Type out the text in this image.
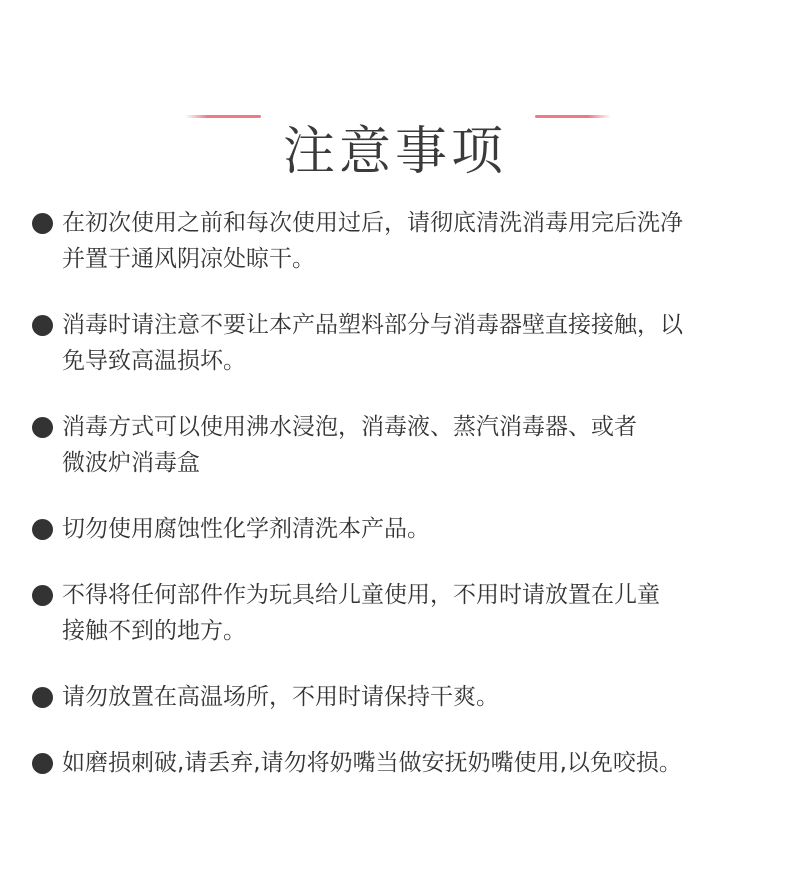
注意事项
在初次使用之前和每次使用过后，请彻底清洗消毒用完后洗净
并置于通风阴凉处晾干。
消毒时请注意不要让本产品塑料部分与消毒器壁直接接触，以
免导致高温损坏。
消毒方式可以使用沸水浸泡，消毒液、蒸汽消毒器、或者
微波炉消毒盒
切勿使用腐蚀性化学剂清洗本产品。
不得将任何部件作为玩具给儿童使用，不用时请放置在儿童
接触不到的地方。
请勿放置在高温场所，不用时请保持干爽。
如磨损刺破,请丢弃,请勿将奶嘴当做安抚奶嘴使用,以免咬损。
